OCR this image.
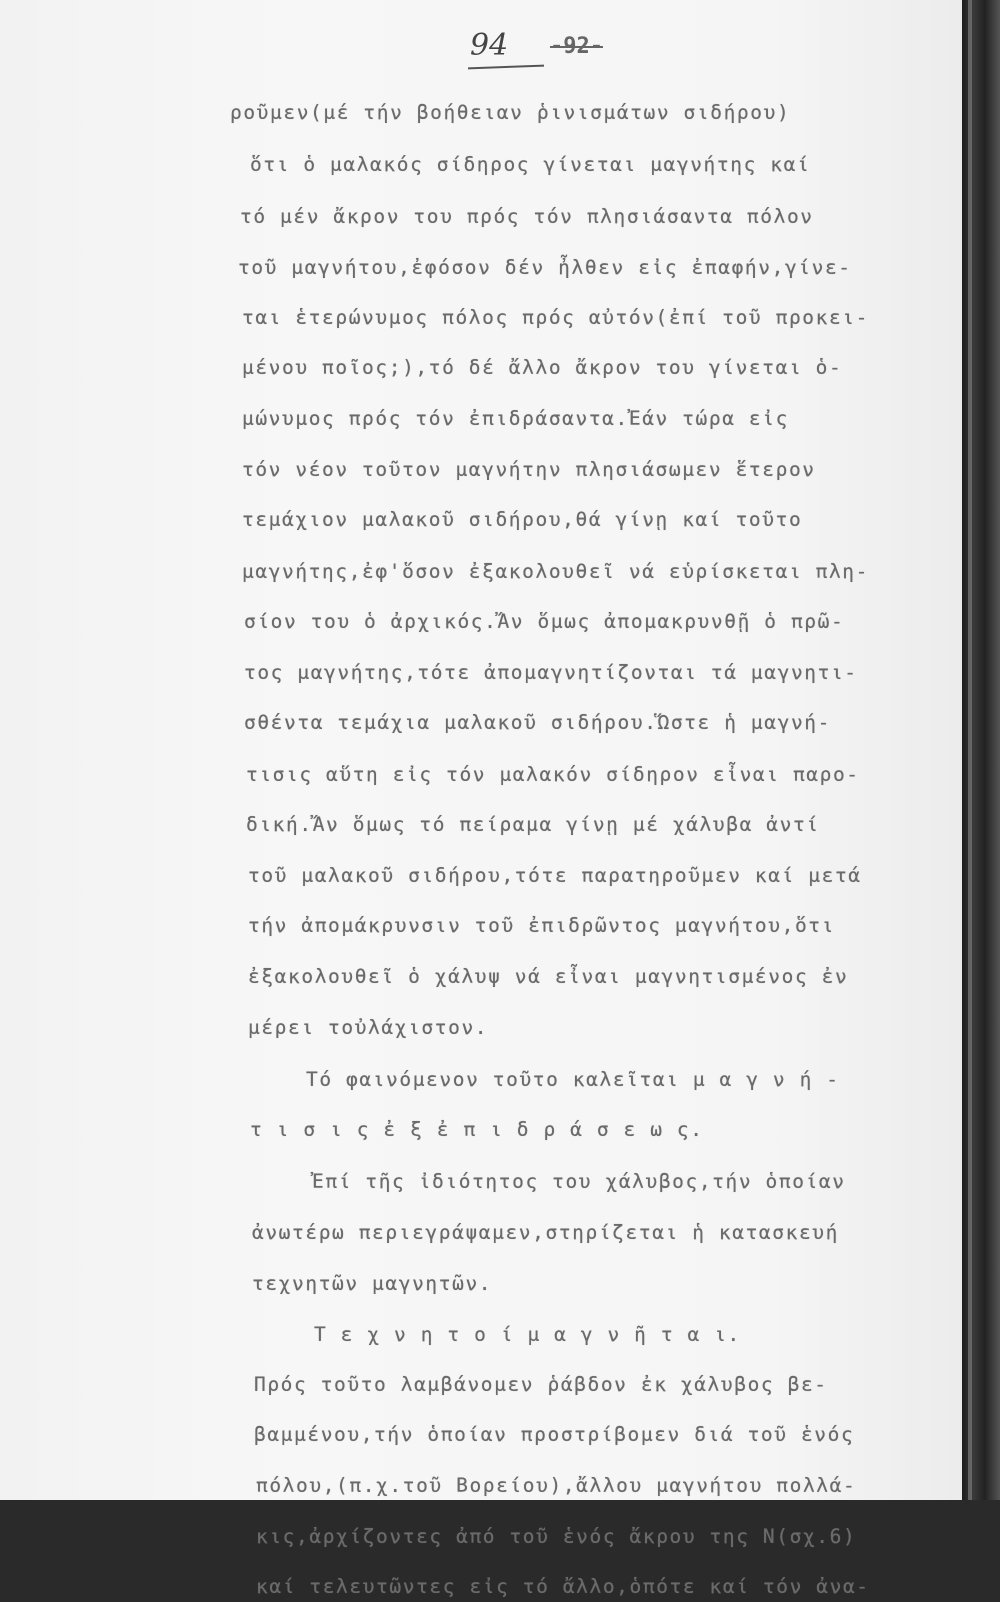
94 -92-
ροῦμεν(μέ τήν βοήθειαν ῥινισμάτων σιδήρου)
ὅτι ὁ μαλακός σίδηρος γίνεται μαγνήτης καί
τό μέν ἄκρον του πρός τόν πλησιάσαντα πόλον
τοῦ μαγνήτου,ἐφόσον δέν ἦλθεν εἰς ἐπαφήν,γίνε-
ται ἑτερώνυμος πόλος πρός αὐτόν(ἐπί τοῦ προκει-
μένου ποῖος;),τό δέ ἄλλο ἄκρον του γίνεται ὁ-
μώνυμος πρός τόν ἐπιδράσαντα.Ἐάν τώρα εἰς
τόν νέον τοῦτον μαγνήτην πλησιάσωμεν ἕτερον
τεμάχιον μαλακοῦ σιδήρου,θά γίνῃ καί τοῦτο
μαγνήτης,ἐφ'ὅσον ἐξακολουθεῖ νά εὑρίσκεται πλη-
σίον του ὁ ἀρχικός.Ἄν ὅμως ἀπομακρυνθῇ ὁ πρῶ-
τος μαγνήτης,τότε ἀπομαγνητίζονται τά μαγνητι-
σθέντα τεμάχια μαλακοῦ σιδήρου.Ὥστε ἡ μαγνή-
τισις αὕτη εἰς τόν μαλακόν σίδηρον εἶναι παρο-
δική.Ἄν ὅμως τό πείραμα γίνῃ μέ χάλυβα ἀντί
τοῦ μαλακοῦ σιδήρου,τότε παρατηροῦμεν καί μετά
τήν ἀπομάκρυνσιν τοῦ ἐπιδρῶντος μαγνήτου,ὅτι
ἐξακολουθεῖ ὁ χάλυψ νά εἶναι μαγνητισμένος ἐν
μέρει τοὐλάχιστον.
Τό φαινόμενον τοῦτο καλεῖται μ α γ ν ή -
τ ι σ ι ς ἐ ξ ἐ π ι δ ρ ά σ ε ω ς.
Ἐπί τῆς ἰδιότητος του χάλυβος,τήν ὁποίαν
ἀνωτέρω περιεγράψαμεν,στηρίζεται ἡ κατασκευή
τεχνητῶν μαγνητῶν.
Τ ε χ ν η τ ο ί μ α γ ν ῆ τ α ι.
Πρός τοῦτο λαμβάνομεν ῥάβδον ἐκ χάλυβος βε-
βαμμένου,τήν ὁποίαν προστρίβομεν διά τοῦ ἑνός
πόλου,(π.χ.τοῦ Βορείου),ἄλλου μαγνήτου πολλά-
κις,ἀρχίζοντες ἀπό τοῦ ἑνός ἄκρου της Ν(σχ.6)
καί τελευτῶντες εἰς τό ἄλλο,ὁπότε καί τόν ἀνα-
